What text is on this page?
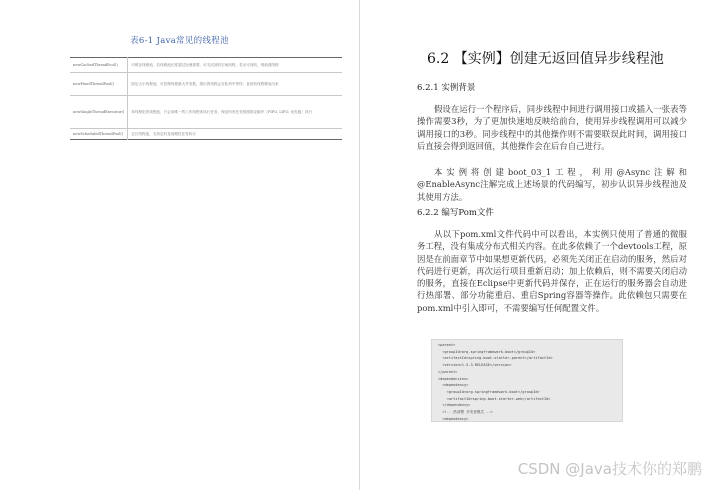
表6-1 Java常见的线程池
newCachedThreadPool()	可缓存线程池，若线程池长度超过处理需要，可灵活回收空闲线程，若无可回收，则新建线程
newFixedThreadPool()	固定大小线程池，可控制线程最大并发数，超出的线程会在队列中等待，直到有线程释放出来
newSingleThreadExecutor()	单线程化的线程池，只会用唯一的工作线程来执行任务，保证所有任务按照指定顺序（FIFO, LIFO, 优先级）执行
newScheduledThreadPool()	定长线程池，支持定时及周期性任务执行
6.2 【实例】创建无返回值异步线程池
6.2.1 实例背景

假设在运行一个程序后，同步线程中间进行调用接口或插入一张表等操作需要3秒，为了更加快速地反映给前台，使用异步线程调用可以减少调用接口的3秒。同步线程中的其他操作则不需要联误此时间，调用接口后直接会得到返回值，其他操作会在后台自己进行。

本实例将创建boot_03_1工程，利用@Async注解和@EnableAsync注解完成上述场景的代码编写，初步认识异步线程池及其使用方法。

6.2.2 编写Pom文件

从以下pom.xml文件代码中可以看出，本实例只使用了普通的微服务工程，没有集成分布式相关内容。在此多依赖了一个devtools工程，原因是在前面章节中如果想更新代码，必须先关闭正在启动的服务，然后对代码进行更新，再次运行项目重新启动；加上依赖后，则不需要关闭启动的服务，直接在Eclipse中更新代码并保存，正在运行的服务器会自动进行热部署、部分功能重启、重启Spring容器等操作。此依赖包只需要在pom.xml中引入即可，不需要编写任何配置文件。

<parent>
<groupId>org.springframework.boot</groupId>
<artifactId>spring-boot-starter-parent</artifactId>
<version>1.5.3.RELEASE</version>
</parent>
<dependencies>
<dependency>
<groupId>org.springframework.boot</groupId>
<artifactId>spring-boot-starter-web</artifactId>
</dependency>
<!-- 热部署 开发者模式 -->
<dependency>
CSDN @Java技术你的郑鹏
